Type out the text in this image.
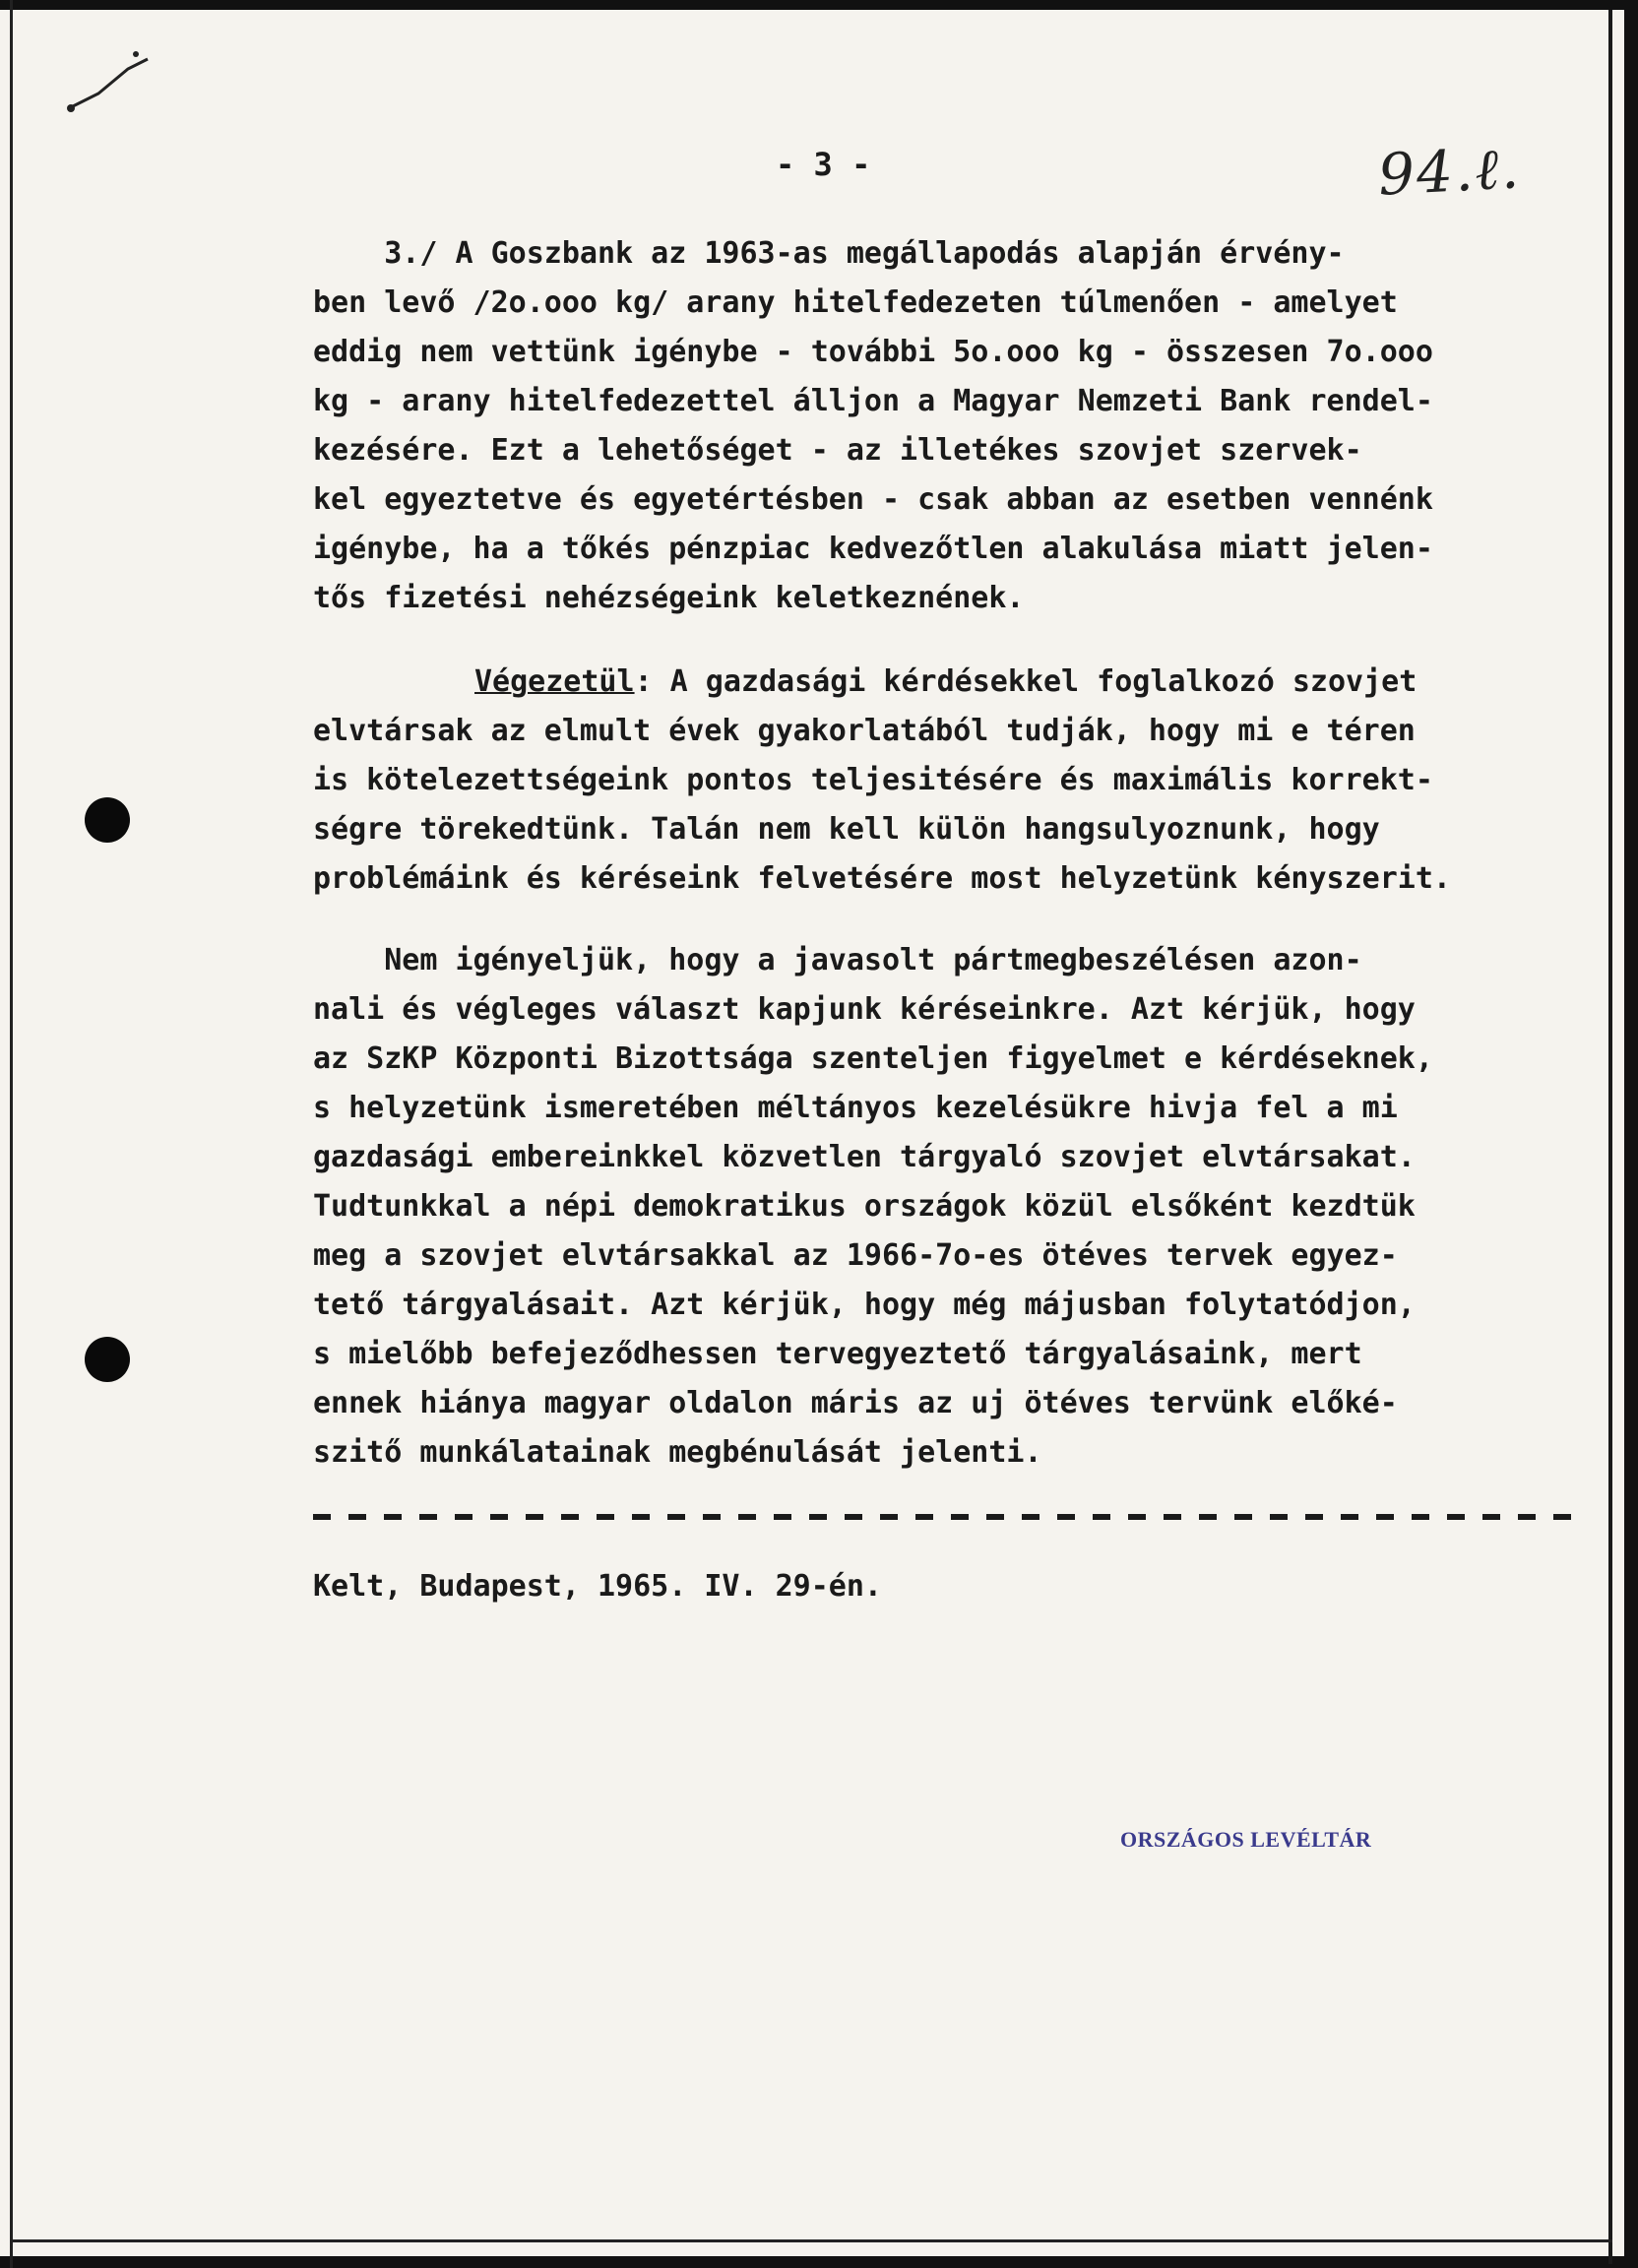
- 3 -	94.ℓ.
3./ A Goszbank az 1963-as megállapodás alapján érvény-
ben levő /2o.ooo kg/ arany hitelfedezeten túlmenően - amelyet
eddig nem vettünk igénybe - további 5o.ooo kg - összesen 7o.ooo
kg - arany hitelfedezettel álljon a Magyar Nemzeti Bank rendel-
kezésére. Ezt a lehetőséget - az illetékes szovjet szervek-
kel egyeztetve és egyetértésben - csak abban az esetben vennénk
igénybe, ha a tőkés pénzpiac kedvezőtlen alakulása miatt jelen-
tős fizetési nehézségeink keletkeznének.
Végezetül: A gazdasági kérdésekkel foglalkozó szovjet
elvtársak az elmult évek gyakorlatából tudják, hogy mi e téren
is kötelezettségeink pontos teljesitésére és maximális korrekt-
ségre törekedtünk. Talán nem kell külön hangsulyoznunk, hogy
problémáink és kéréseink felvetésére most helyzetünk kényszerit.
Nem igényeljük, hogy a javasolt pártmegbeszélésen azon-
nali és végleges választ kapjunk kéréseinkre. Azt kérjük, hogy
az SzKP Központi Bizottsága szenteljen figyelmet e kérdéseknek,
s helyzetünk ismeretében méltányos kezelésükre hivja fel a mi
gazdasági embereinkkel közvetlen tárgyaló szovjet elvtársakat.
Tudtunkkal a népi demokratikus országok közül elsőként kezdtük
meg a szovjet elvtársakkal az 1966-7o-es ötéves tervek egyez-
tető tárgyalásait. Azt kérjük, hogy még májusban folytatódjon,
s mielőbb befejeződhessen tervegyeztető tárgyalásaink, mert
ennek hiánya magyar oldalon máris az uj ötéves tervünk előké-
szitő munkálatainak megbénulását jelenti.
Kelt, Budapest, 1965. IV. 29-én.
ORSZÁGOS LEVÉLTÁR
